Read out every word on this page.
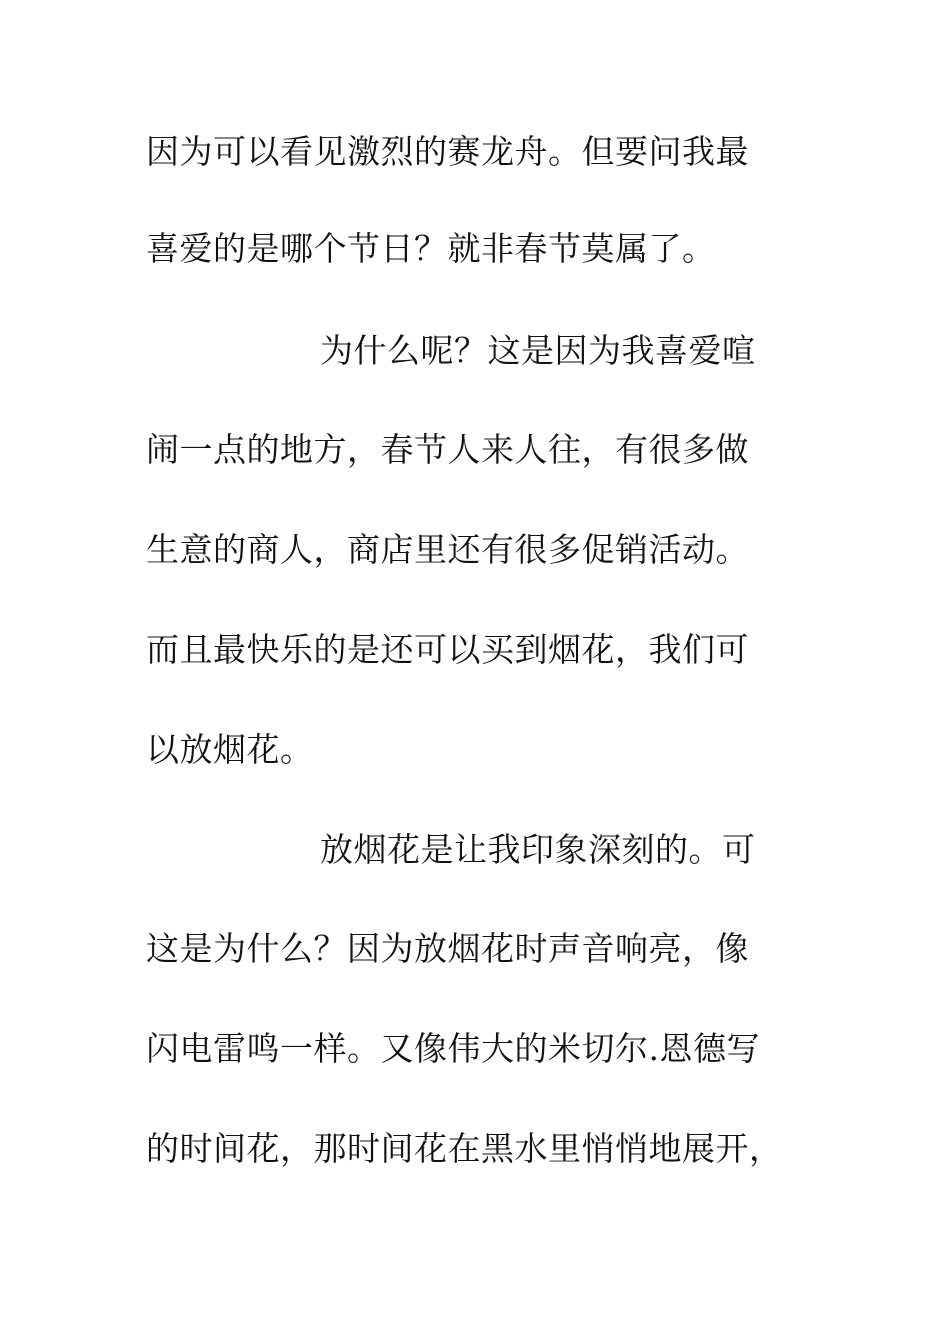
因为可以看见激烈的赛龙舟。但要问我最
喜爱的是哪个节日？就非春节莫属了。
为什么呢？这是因为我喜爱喧
闹一点的地方，春节人来人往，有很多做
生意的商人，商店里还有很多促销活动。
而且最快乐的是还可以买到烟花，我们可
以放烟花。
放烟花是让我印象深刻的。可
这是为什么？因为放烟花时声音响亮，像
闪电雷鸣一样。又像伟大的米切尔.恩德写
的时间花，那时间花在黑水里悄悄地展开，
